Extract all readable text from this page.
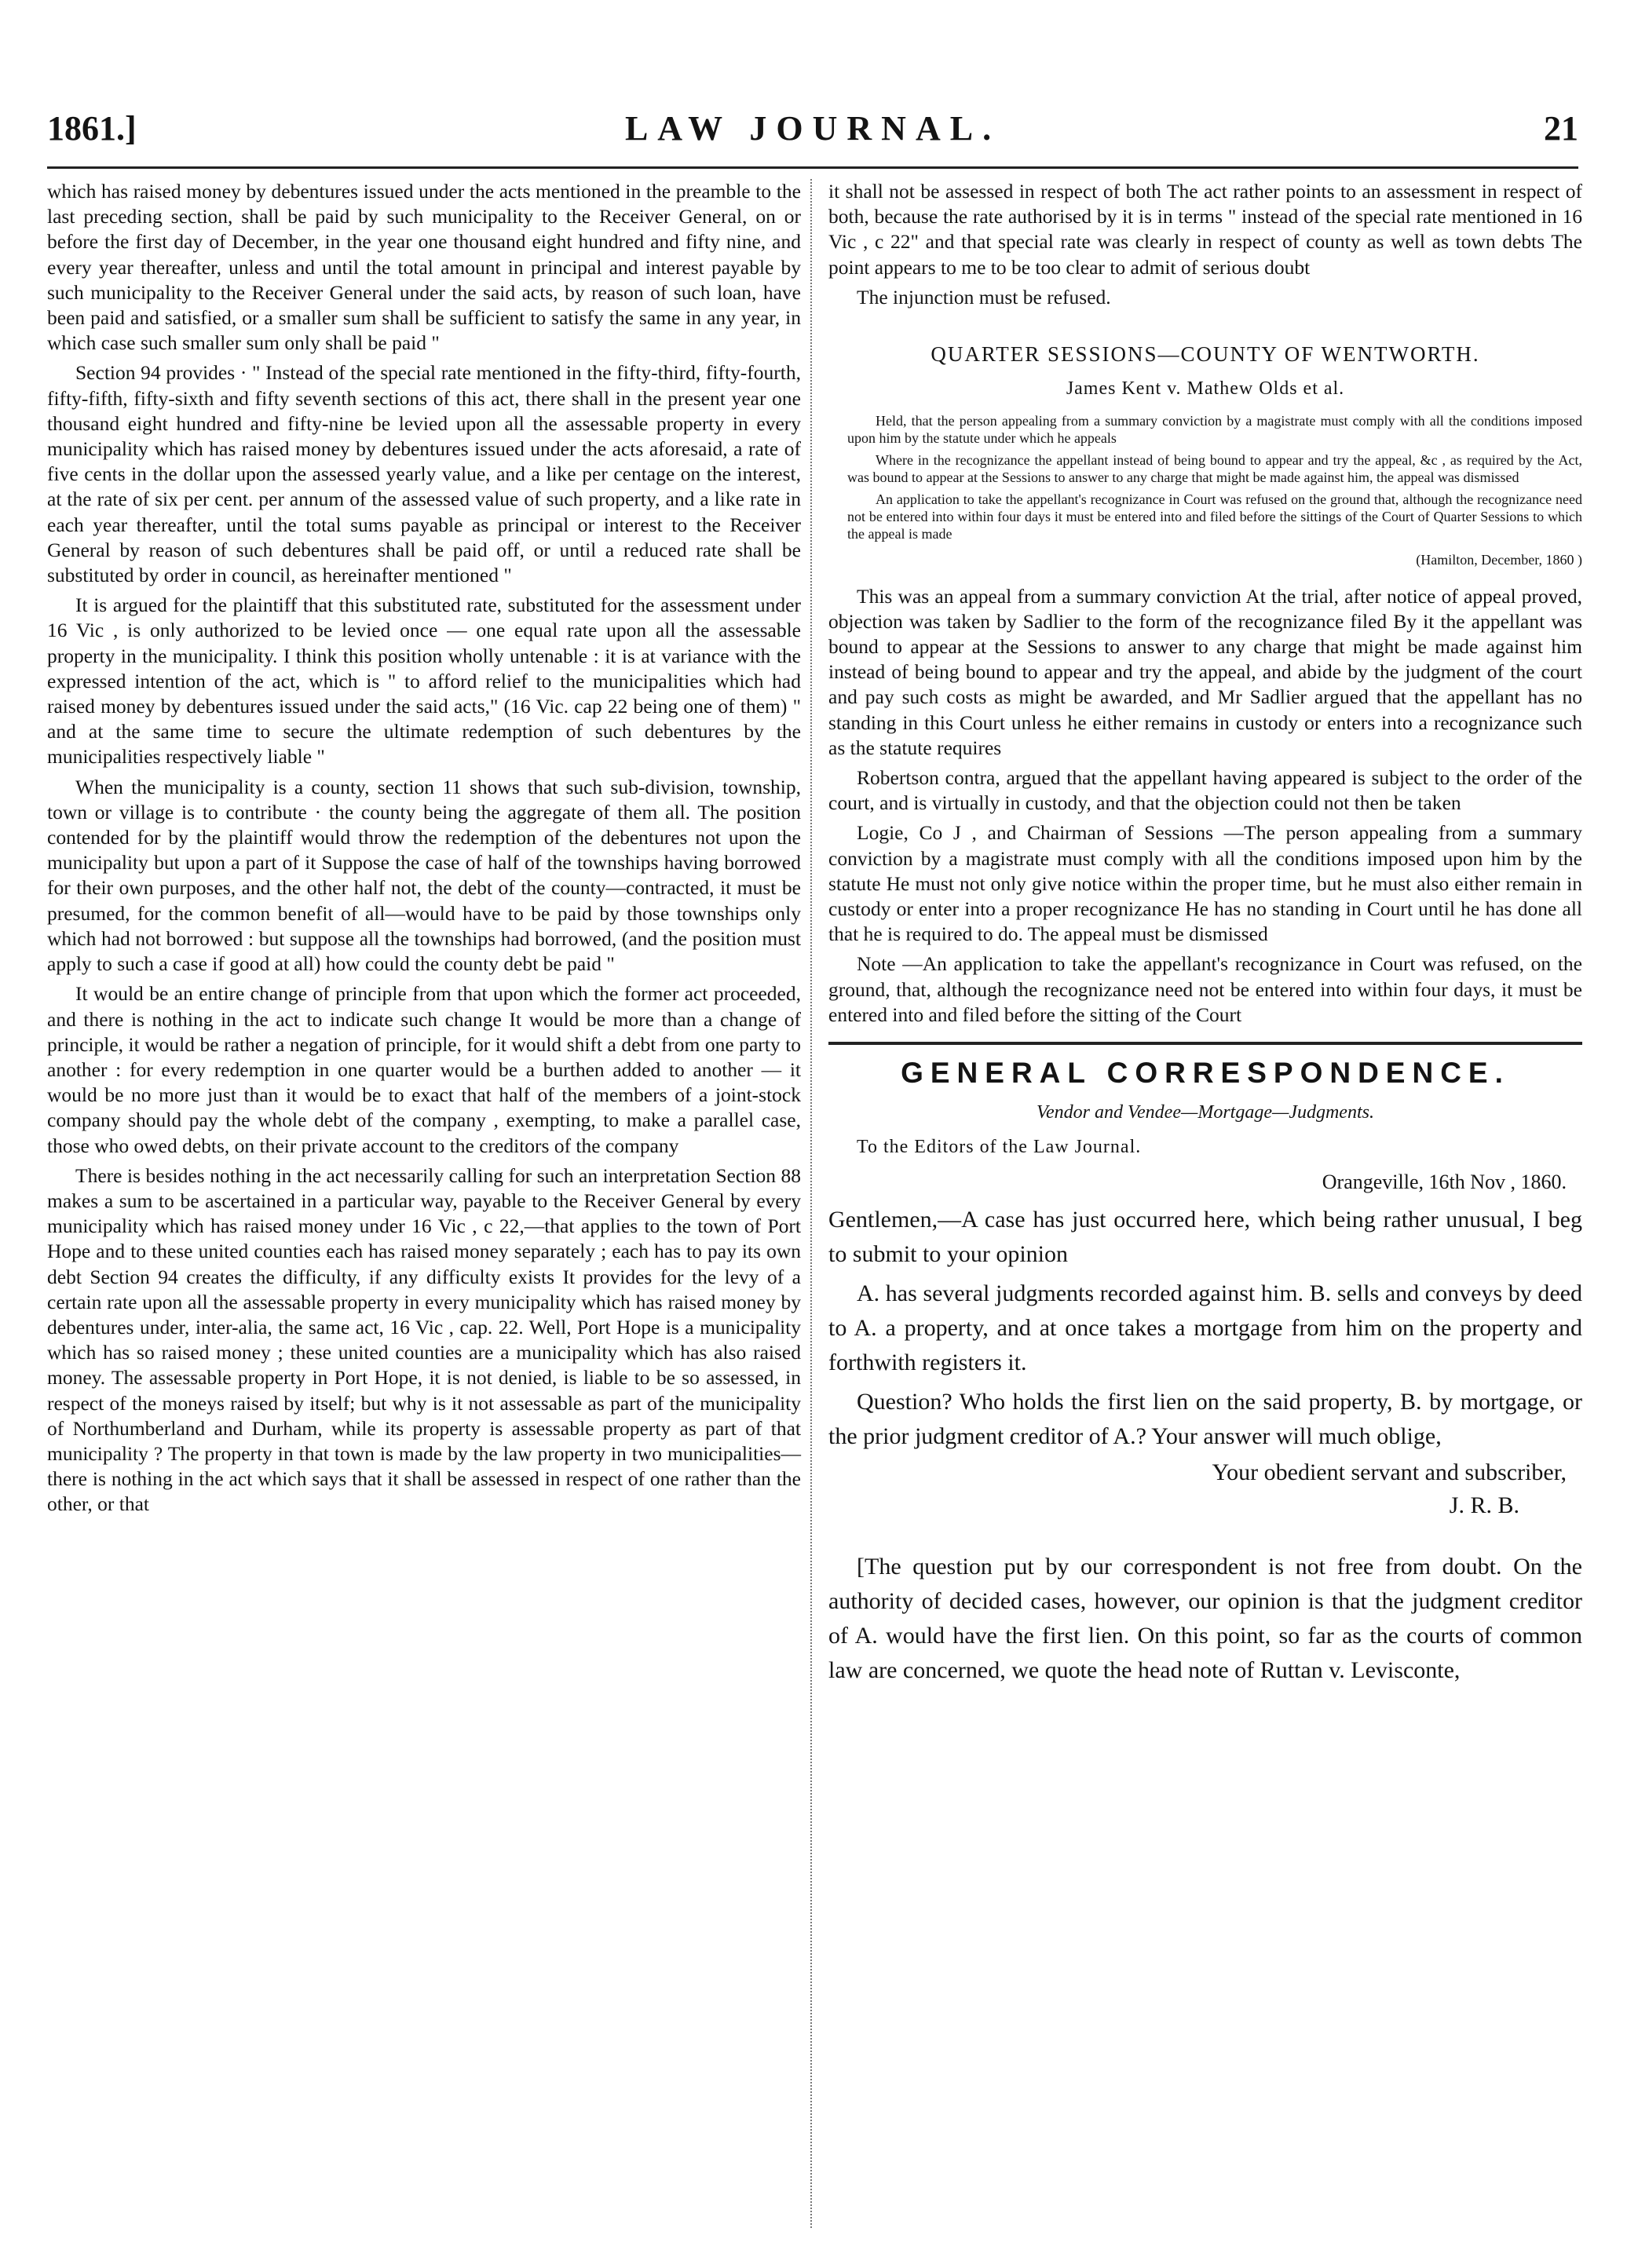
1861.]	LAW JOURNAL.	21

which has raised money by debentures issued under the acts mentioned in the preamble to the last preceding section, shall be paid by such municipality to the Receiver General, on or before the first day of December, in the year one thousand eight hundred and fifty nine, and every year thereafter, unless and until the total amount in principal and interest payable by such municipality to the Receiver General under the said acts, by reason of such loan, have been paid and satisfied, or a smaller sum shall be sufficient to satisfy the same in any year, in which case such smaller sum only shall be paid "

Section 94 provides · " Instead of the special rate mentioned in the fifty-third, fifty-fourth, fifty-fifth, fifty-sixth and fifty seventh sections of this act, there shall in the present year one thousand eight hundred and fifty-nine be levied upon all the assessable property in every municipality which has raised money by debentures issued under the acts aforesaid, a rate of five cents in the dollar upon the assessed yearly value, and a like per centage on the interest, at the rate of six per cent. per annum of the assessed value of such property, and a like rate in each year thereafter, until the total sums payable as principal or interest to the Receiver General by reason of such debentures shall be paid off, or until a reduced rate shall be substituted by order in council, as hereinafter mentioned "

It is argued for the plaintiff that this substituted rate, substituted for the assessment under 16 Vic , is only authorized to be levied once — one equal rate upon all the assessable property in the municipality. I think this position wholly untenable : it is at variance with the expressed intention of the act, which is " to afford relief to the municipalities which had raised money by debentures issued under the said acts," (16 Vic. cap 22 being one of them) " and at the same time to secure the ultimate redemption of such debentures by the municipalities respectively liable "

When the municipality is a county, section 11 shows that such sub-division, township, town or village is to contribute · the county being the aggregate of them all. The position contended for by the plaintiff would throw the redemption of the debentures not upon the municipality but upon a part of it Suppose the case of half of the townships having borrowed for their own purposes, and the other half not, the debt of the county—contracted, it must be presumed, for the common benefit of all—would have to be paid by those townships only which had not borrowed : but suppose all the townships had borrowed, (and the position must apply to such a case if good at all) how could the county debt be paid "

It would be an entire change of principle from that upon which the former act proceeded, and there is nothing in the act to indicate such change It would be more than a change of principle, it would be rather a negation of principle, for it would shift a debt from one party to another : for every redemption in one quarter would be a burthen added to another — it would be no more just than it would be to exact that half of the members of a joint-stock company should pay the whole debt of the company , exempting, to make a parallel case, those who owed debts, on their private account to the creditors of the company

There is besides nothing in the act necessarily calling for such an interpretation Section 88 makes a sum to be ascertained in a particular way, payable to the Receiver General by every municipality which has raised money under 16 Vic , c 22,—that applies to the town of Port Hope and to these united counties each has raised money separately ; each has to pay its own debt Section 94 creates the difficulty, if any difficulty exists It provides for the levy of a certain rate upon all the assessable property in every municipality which has raised money by debentures under, inter-alia, the same act, 16 Vic , cap. 22. Well, Port Hope is a municipality which has so raised money ; these united counties are a municipality which has also raised money. The assessable property in Port Hope, it is not denied, is liable to be so assessed, in respect of the moneys raised by itself; but why is it not assessable as part of the municipality of Northumberland and Durham, while its property is assessable property as part of that municipality ? The property in that town is made by the law property in two municipalities—there is nothing in the act which says that it shall be assessed in respect of one rather than the other, or that

it shall not be assessed in respect of both The act rather points to an assessment in respect of both, because the rate authorised by it is in terms " instead of the special rate mentioned in 16 Vic , c 22" and that special rate was clearly in respect of county as well as town debts The point appears to me to be too clear to admit of serious doubt

The injunction must be refused.

QUARTER SESSIONS—COUNTY OF WENTWORTH.
James Kent v. Mathew Olds et al.

Held, that the person appealing from a summary conviction by a magistrate must comply with all the conditions imposed upon him by the statute under which he appeals

Where in the recognizance the appellant instead of being bound to appear and try the appeal, &c , as required by the Act, was bound to appear at the Sessions to answer to any charge that might be made against him, the appeal was dismissed

An application to take the appellant's recognizance in Court was refused on the ground that, although the recognizance need not be entered into within four days it must be entered into and filed before the sittings of the Court of Quarter Sessions to which the appeal is made

(Hamilton, December, 1860 )

This was an appeal from a summary conviction At the trial, after notice of appeal proved, objection was taken by Sadlier to the form of the recognizance filed By it the appellant was bound to appear at the Sessions to answer to any charge that might be made against him instead of being bound to appear and try the appeal, and abide by the judgment of the court and pay such costs as might be awarded, and Mr Sadlier argued that the appellant has no standing in this Court unless he either remains in custody or enters into a recognizance such as the statute requires

Robertson contra, argued that the appellant having appeared is subject to the order of the court, and is virtually in custody, and that the objection could not then be taken

Logie, Co J , and Chairman of Sessions —The person appealing from a summary conviction by a magistrate must comply with all the conditions imposed upon him by the statute He must not only give notice within the proper time, but he must also either remain in custody or enter into a proper recognizance He has no standing in Court until he has done all that he is required to do. The appeal must be dismissed

Note —An application to take the appellant's recognizance in Court was refused, on the ground, that, although the recognizance need not be entered into within four days, it must be entered into and filed before the sitting of the Court

GENERAL CORRESPONDENCE.
Vendor and Vendee—Mortgage—Judgments.
To the Editors of the Law Journal.
Orangeville, 16th Nov , 1860.

Gentlemen,—A case has just occurred here, which being rather unusual, I beg to submit to your opinion

A. has several judgments recorded against him. B. sells and conveys by deed to A. a property, and at once takes a mortgage from him on the property and forthwith registers it.

Question? Who holds the first lien on the said property, B. by mortgage, or the prior judgment creditor of A.? Your answer will much oblige,

Your obedient servant and subscriber,
J. R. B.

[The question put by our correspondent is not free from doubt. On the authority of decided cases, however, our opinion is that the judgment creditor of A. would have the first lien. On this point, so far as the courts of common law are concerned, we quote the head note of Ruttan v. Levisconte,
